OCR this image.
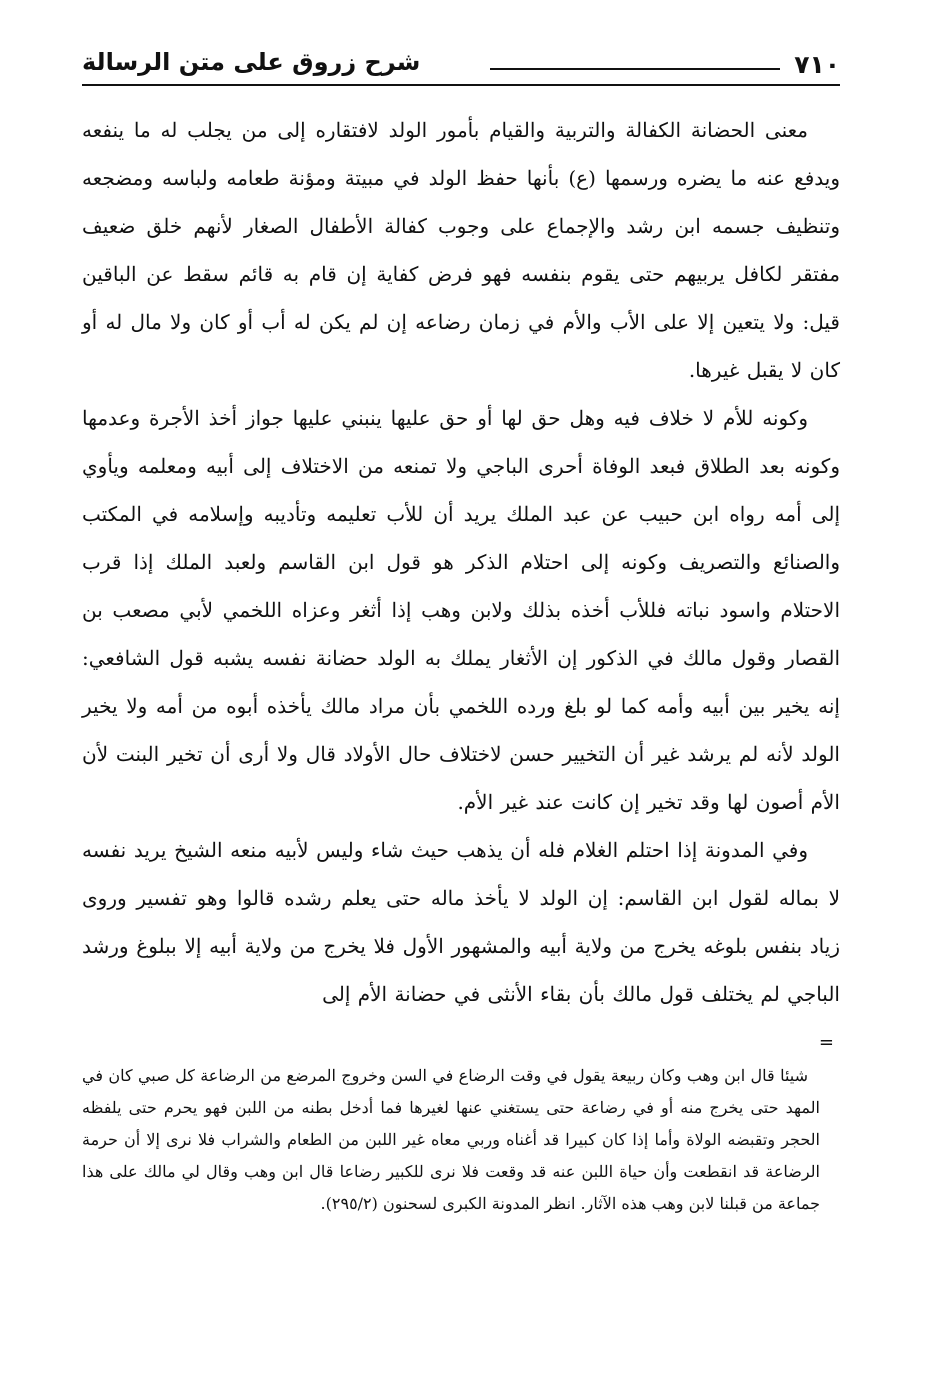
٧١٠
شرح زروق على متن الرسالة

معنى الحضانة الكفالة والتربية والقيام بأمور الولد لافتقاره إلى من يجلب له ما ينفعه ويدفع عنه ما يضره ورسمها (ع) بأنها حفظ الولد في مبيتة ومؤنة طعامه ولباسه ومضجعه وتنظيف جسمه ابن رشد والإجماع على وجوب كفالة الأطفال الصغار لأنهم خلق ضعيف مفتقر لكافل يربيهم حتى يقوم بنفسه فهو فرض كفاية إن قام به قائم سقط عن الباقين قيل: ولا يتعين إلا على الأب والأم في زمان رضاعه إن لم يكن له أب أو كان ولا مال له أو كان لا يقبل غيرها.

وكونه للأم لا خلاف فيه وهل حق لها أو حق عليها ينبني عليها جواز أخذ الأجرة وعدمها وكونه بعد الطلاق فبعد الوفاة أحرى الباجي ولا تمنعه من الاختلاف إلى أبيه ومعلمه ويأوي إلى أمه رواه ابن حبيب عن عبد الملك يريد أن للأب تعليمه وتأديبه وإسلامه في المكتب والصنائع والتصريف وكونه إلى احتلام الذكر هو قول ابن القاسم ولعبد الملك إذا قرب الاحتلام واسود نباته فللأب أخذه بذلك ولابن وهب إذا أثغر وعزاه اللخمي لأبي مصعب بن القصار وقول مالك في الذكور إن الأثغار يملك به الولد حضانة نفسه يشبه قول الشافعي: إنه يخير بين أبيه وأمه كما لو بلغ ورده اللخمي بأن مراد مالك يأخذه أبوه من أمه ولا يخير الولد لأنه لم يرشد غير أن التخيير حسن لاختلاف حال الأولاد قال ولا أرى أن تخير البنت لأن الأم أصون لها وقد تخير إن كانت عند غير الأم.

وفي المدونة إذا احتلم الغلام فله أن يذهب حيث شاء وليس لأبيه منعه الشيخ يريد نفسه لا بماله لقول ابن القاسم: إن الولد لا يأخذ ماله حتى يعلم رشده قالوا وهو تفسير وروى زياد بنفس بلوغه يخرج من ولاية أبيه والمشهور الأول فلا يخرج من ولاية أبيه إلا ببلوغ ورشد الباجي لم يختلف قول مالك بأن بقاء الأنثى في حضانة الأم إلى

=
شيئا قال ابن وهب وكان ربيعة يقول في وقت الرضاع في السن وخروج المرضع من الرضاعة كل صبي كان في المهد حتى يخرج منه أو في رضاعة حتى يستغني عنها لغيرها فما أدخل بطنه من اللبن فهو يحرم حتى يلفظه الحجر وتقبضه الولاة وأما إذا كان كبيرا قد أغناه وربي معاه غير اللبن من الطعام والشراب فلا نرى إلا أن حرمة الرضاعة قد انقطعت وأن حياة اللبن عنه قد وقعت فلا نرى للكبير رضاعا قال ابن وهب وقال لي مالك على هذا جماعة من قبلنا لابن وهب هذه الآثار. انظر المدونة الكبرى لسحنون (٢٩٥/٢).
